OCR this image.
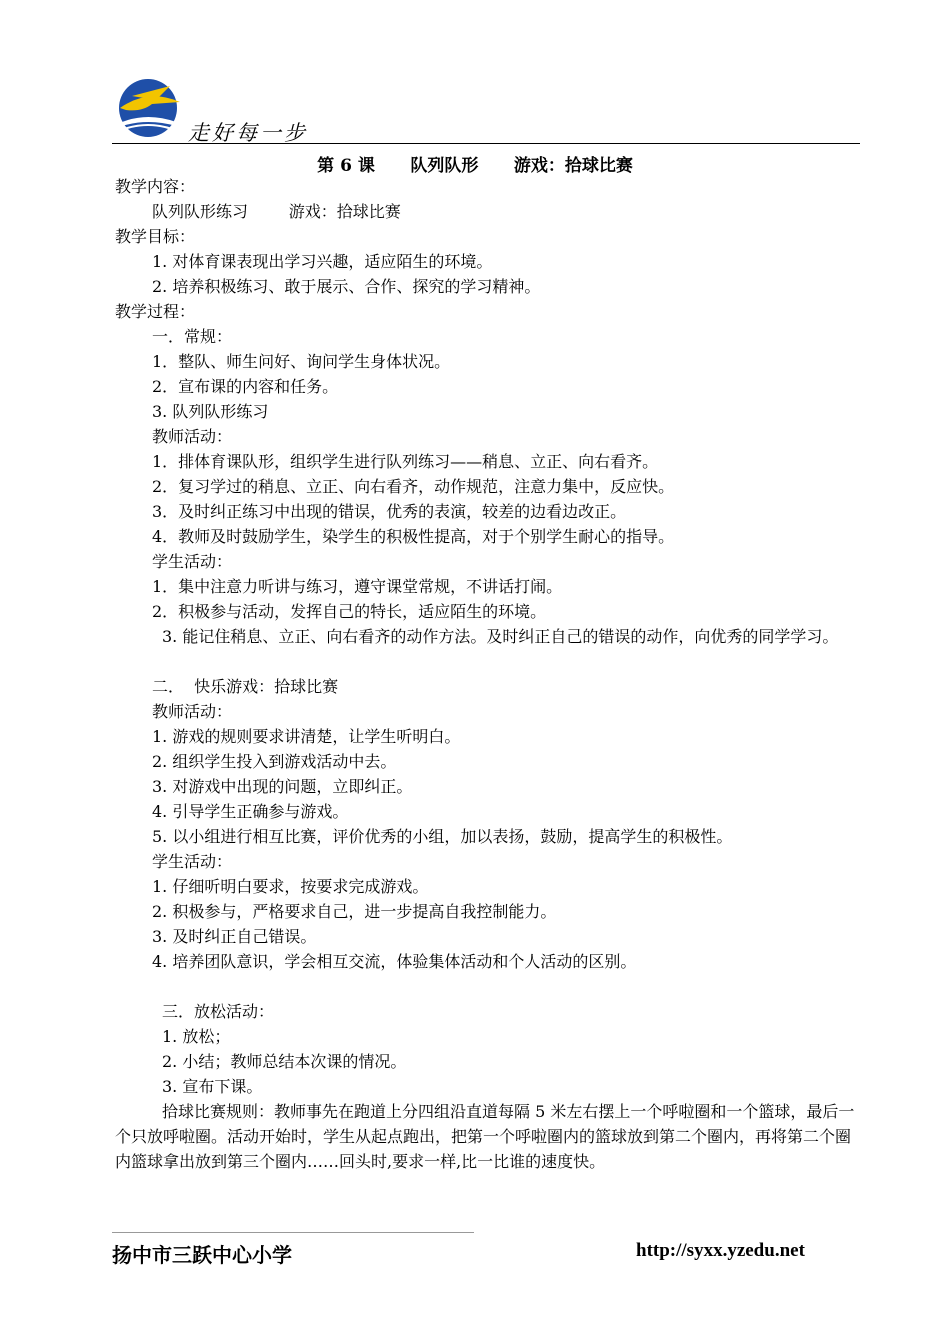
走好每一步
第 6 课      队列队形      游戏：拾球比赛
教学内容：
队列队形练习        游戏：拾球比赛
教学目标：
1. 对体育课表现出学习兴趣，适应陌生的环境。
2. 培养积极练习、敢于展示、合作、探究的学习精神。
教学过程：
一．常规：
1．整队、师生问好、询问学生身体状况。
2．宣布课的内容和任务。
3. 队列队形练习
教师活动：
1．排体育课队形，组织学生进行队列练习——稍息、立正、向右看齐。
2．复习学过的稍息、立正、向右看齐，动作规范，注意力集中，反应快。
3．及时纠正练习中出现的错误，优秀的表演，较差的边看边改正。
4．教师及时鼓励学生，染学生的积极性提高，对于个别学生耐心的指导。
学生活动：
1．集中注意力听讲与练习，遵守课堂常规，不讲话打闹。
2．积极参与活动，发挥自己的特长，适应陌生的环境。
3. 能记住稍息、立正、向右看齐的动作方法。及时纠正自己的错误的动作，向优秀的同学学习。
二．  快乐游戏：拾球比赛
教师活动：
1. 游戏的规则要求讲清楚，让学生听明白。
2. 组织学生投入到游戏活动中去。
3. 对游戏中出现的问题，立即纠正。
4. 引导学生正确参与游戏。
5. 以小组进行相互比赛，评价优秀的小组，加以表扬，鼓励，提高学生的积极性。
学生活动：
1. 仔细听明白要求，按要求完成游戏。
2. 积极参与，严格要求自己，进一步提高自我控制能力。
3. 及时纠正自己错误。
4. 培养团队意识，学会相互交流，体验集体活动和个人活动的区别。
三．放松活动：
1. 放松；
2. 小结；教师总结本次课的情况。
3. 宣布下课。
拾球比赛规则：教师事先在跑道上分四组沿直道每隔 5 米左右摆上一个呼啦圈和一个篮球，最后一个只放呼啦圈。活动开始时，学生从起点跑出，把第一个呼啦圈内的篮球放到第二个圈内，再将第二个圈内篮球拿出放到第三个圈内……回头时,要求一样,比一比谁的速度快。
扬中市三跃中心小学	http://syxx.yzedu.net
